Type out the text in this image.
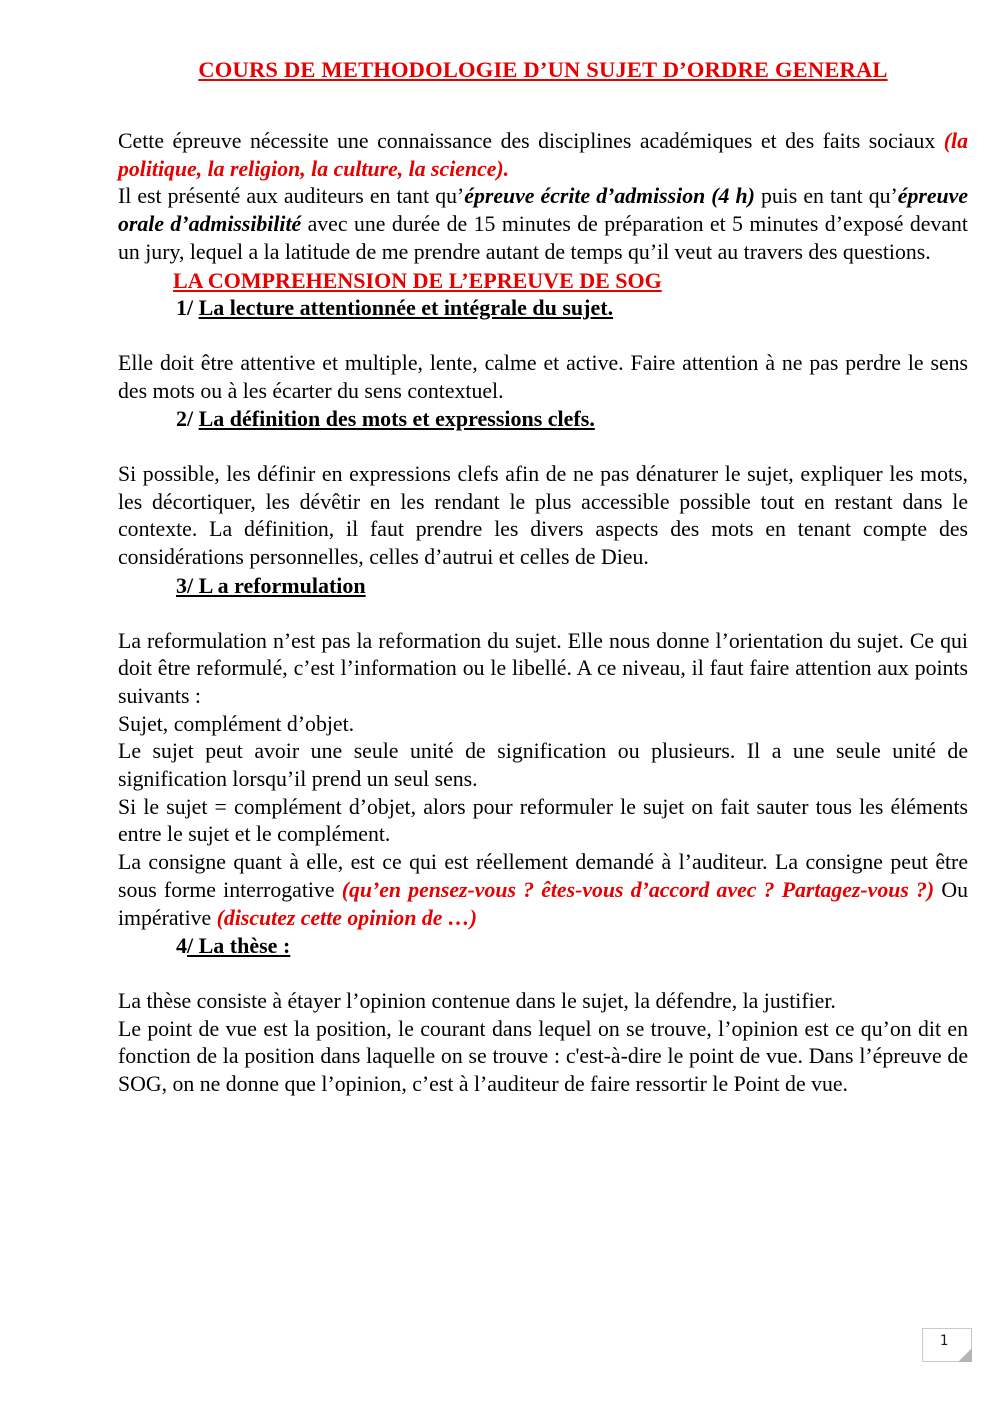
COURS DE METHODOLOGIE D’UN SUJET D’ORDRE GENERAL

Cette épreuve nécessite une connaissance des disciplines académiques et des faits sociaux (la politique, la religion, la culture, la science).

Il est présenté aux auditeurs en tant qu’épreuve écrite d’admission (4 h) puis en tant qu’épreuve orale d’admissibilité avec une durée de 15 minutes de préparation et 5 minutes d’exposé devant un jury, lequel a la latitude de me prendre autant de temps qu’il veut au travers des questions.

LA COMPREHENSION DE L’EPREUVE DE SOG
1/ La lecture attentionnée et intégrale du sujet.

Elle doit être attentive et multiple, lente, calme et active. Faire attention à ne pas perdre le sens des mots ou à les écarter du sens contextuel.

2/ La définition des mots et expressions clefs.

Si possible, les définir en expressions clefs afin de ne pas dénaturer le sujet, expliquer les mots, les décortiquer, les dévêtir en les rendant le plus accessible possible tout en restant dans le contexte. La définition, il faut prendre les divers aspects des mots en tenant compte des considérations personnelles, celles d’autrui et celles de Dieu.

3/ L a reformulation

La reformulation n’est pas la reformation du sujet. Elle nous donne l’orientation du sujet. Ce qui doit être reformulé, c’est l’information ou le libellé. A ce niveau, il faut faire attention aux points suivants :

Sujet, complément d’objet.

Le sujet peut avoir une seule unité de signification ou plusieurs. Il a une seule unité de signification lorsqu’il prend un seul sens.

Si le sujet = complément d’objet, alors pour reformuler le sujet on fait sauter tous les éléments entre le sujet et le complément.

La consigne quant à elle, est ce qui est réellement demandé à l’auditeur. La consigne peut être sous forme interrogative (qu’en pensez-vous ? êtes-vous d’accord avec ? Partagez-vous ?) Ou impérative (discutez cette opinion de …)

4/ La thèse :

La thèse consiste à étayer l’opinion contenue dans le sujet, la défendre, la justifier.

Le point de vue est la position, le courant dans lequel on se trouve, l’opinion est ce qu’on dit en fonction de la position dans laquelle on se trouve : c'est-à-dire le point de vue. Dans l’épreuve de SOG, on ne donne que l’opinion, c’est à l’auditeur de faire ressortir le Point de vue.

1
